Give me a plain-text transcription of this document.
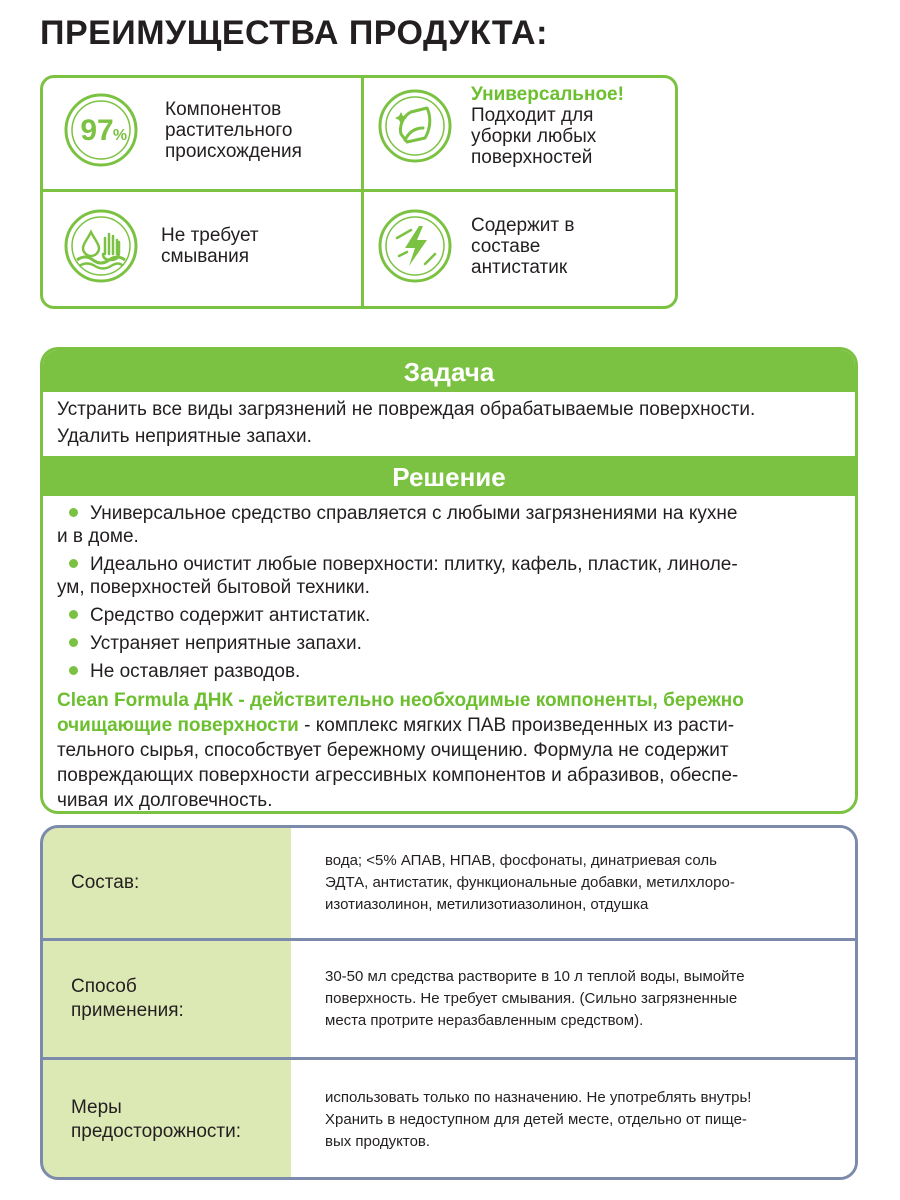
ПРЕИМУЩЕСТВА ПРОДУКТА:
97 %
Компонентов
растительного
происхождения
Универсальное!
Подходит для
уборки любых
поверхностей
Не требует
смывания
Содержит в
составе
антистатик
Задача
Устранить все виды загрязнений не повреждая обрабатываемые поверхности.
Удалить неприятные запахи.
Решение
Универсальное средство справляется с любыми загрязнениями на кухне
и в доме.
Идеально очистит любые поверхности: плитку, кафель, пластик, линоле-
ум, поверхностей бытовой техники.
Средство содержит антистатик.
Устраняет неприятные запахи.
Не оставляет разводов.
Clean Formula ДНК - действительно необходимые компоненты, бережно
очищающие поверхности - комплекс мягких ПАВ произведенных из расти-
тельного сырья, способствует бережному очищению. Формула не содержит
повреждающих поверхности агрессивных компонентов и абразивов, обеспе-
чивая их долговечность.
Состав:
вода; <5% АПАВ, НПАВ, фосфонаты, динатриевая соль
ЭДТА, антистатик, функциональные добавки, метилхлоро-
изотиазолинон, метилизотиазолинон, отдушка
Способ
применения:
30-50 мл средства растворите в 10 л теплой воды, вымойте
поверхность. Не требует смывания. (Сильно загрязненные
места протрите неразбавленным средством).
Меры
предосторожности:
использовать только по назначению. Не употреблять внутрь!
Хранить в недоступном для детей месте, отдельно от пище-
вых продуктов.
